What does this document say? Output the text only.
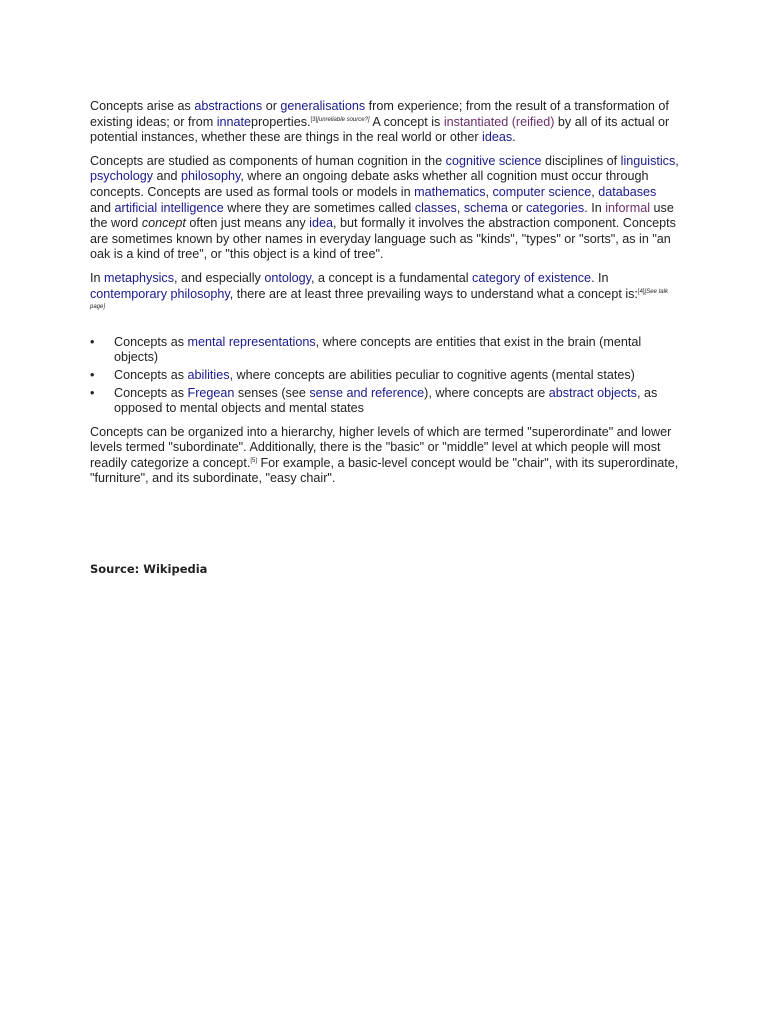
Concepts arise as abstractions or generalisations from experience; from the result of a transformation of existing ideas; or from innateproperties.[3][unreliable source?] A concept is instantiated (reified) by all of its actual or potential instances, whether these are things in the real world or other ideas.

Concepts are studied as components of human cognition in the cognitive science disciplines of linguistics, psychology and philosophy, where an ongoing debate asks whether all cognition must occur through concepts. Concepts are used as formal tools or models in mathematics, computer science, databases and artificial intelligence where they are sometimes called classes, schema or categories. In informal use the word concept often just means any idea, but formally it involves the abstraction component. Concepts are sometimes known by other names in everyday language such as "kinds", "types" or "sorts", as in "an oak is a kind of tree", or "this object is a kind of tree".

In metaphysics, and especially ontology, a concept is a fundamental category of existence. In contemporary philosophy, there are at least three prevailing ways to understand what a concept is:[4][See talk page]

• Concepts as mental representations, where concepts are entities that exist in the brain (mental objects)
• Concepts as abilities, where concepts are abilities peculiar to cognitive agents (mental states)
• Concepts as Fregean senses (see sense and reference), where concepts are abstract objects, as opposed to mental objects and mental states

Concepts can be organized into a hierarchy, higher levels of which are termed "superordinate" and lower levels termed "subordinate". Additionally, there is the "basic" or "middle" level at which people will most readily categorize a concept.[5] For example, a basic-level concept would be "chair", with its superordinate, "furniture", and its subordinate, "easy chair".

Source: Wikipedia
